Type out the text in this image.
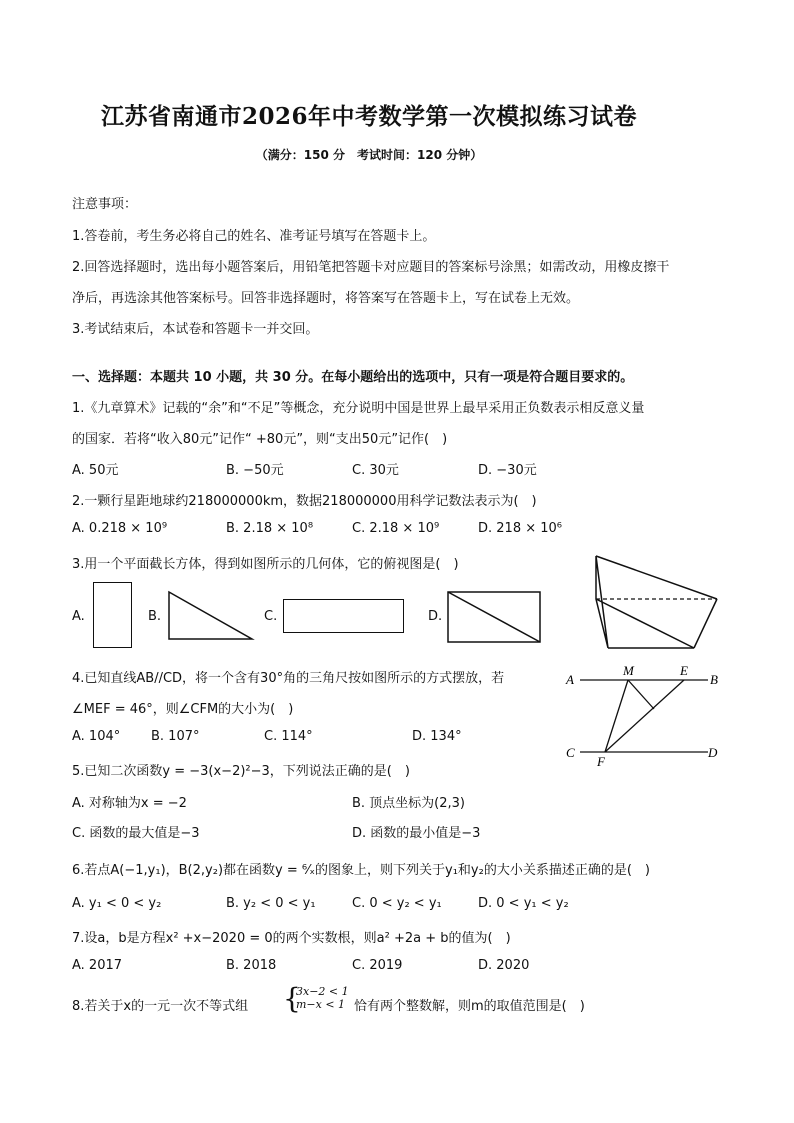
江苏省南通市2026年中考数学第一次模拟练习试卷
（满分：150 分　考试时间：120 分钟）
注意事项：
1.答卷前，考生务必将自己的姓名、准考证号填写在答题卡上。
2.回答选择题时，选出每小题答案后，用铅笔把答题卡对应题目的答案标号涂黑；如需改动，用橡皮擦干
净后，再选涂其他答案标号。回答非选择题时，将答案写在答题卡上，写在试卷上无效。
3.考试结束后，本试卷和答题卡一并交回。
一、选择题：本题共 10 小题，共 30 分。在每小题给出的选项中，只有一项是符合题目要求的。
1.《九章算术》记载的“余”和“不足”等概念，充分说明中国是世界上最早采用正负数表示相反意义量
的国家．若将“收入80元”记作“ +80元”，则“支出50元”记作(　)
A. 50元	B. −50元	C. 30元	D. −30元
2.一颗行星距地球约218000000km，数据218000000用科学记数法表示为(　)
A. 0.218 × 10⁹	B. 2.18 × 10⁸	C. 2.18 × 10⁹	D. 218 × 10⁶
3.用一个平面截长方体，得到如图所示的几何体，它的俯视图是(　)
A.	B.	C.	D.
4.已知直线AB//CD，将一个含有30°角的三角尺按如图所示的方式摆放，若
∠MEF = 46°，则∠CFM的大小为(　)
A. 104° B. 107°	C. 114°	D. 134°
A	B
C	D
M	E
F
5.已知二次函数y = −3(x−2)²−3，下列说法正确的是(　)
A. 对称轴为x = −2	B. 顶点坐标为(2,3)
C. 函数的最大值是−3	D. 函数的最小值是−3
6.若点A(−1,y₁)，B(2,y₂)都在函数y = ⁶⁄ₓ的图象上，则下列关于y₁和y₂的大小关系描述正确的是(　)
A. y₁ < 0 < y₂	B. y₂ < 0 < y₁	C. 0 < y₂ < y₁	D. 0 < y₁ < y₂
7.设a，b是方程x² +x−2020 = 0的两个实数根，则a² +2a + b的值为(　)
A. 2017	B. 2018	C. 2019	D. 2020
8.若关于x的一元一次不等式组 {
3x−2 < 1
m−x < 1 恰有两个整数解，则m的取值范围是(　)
